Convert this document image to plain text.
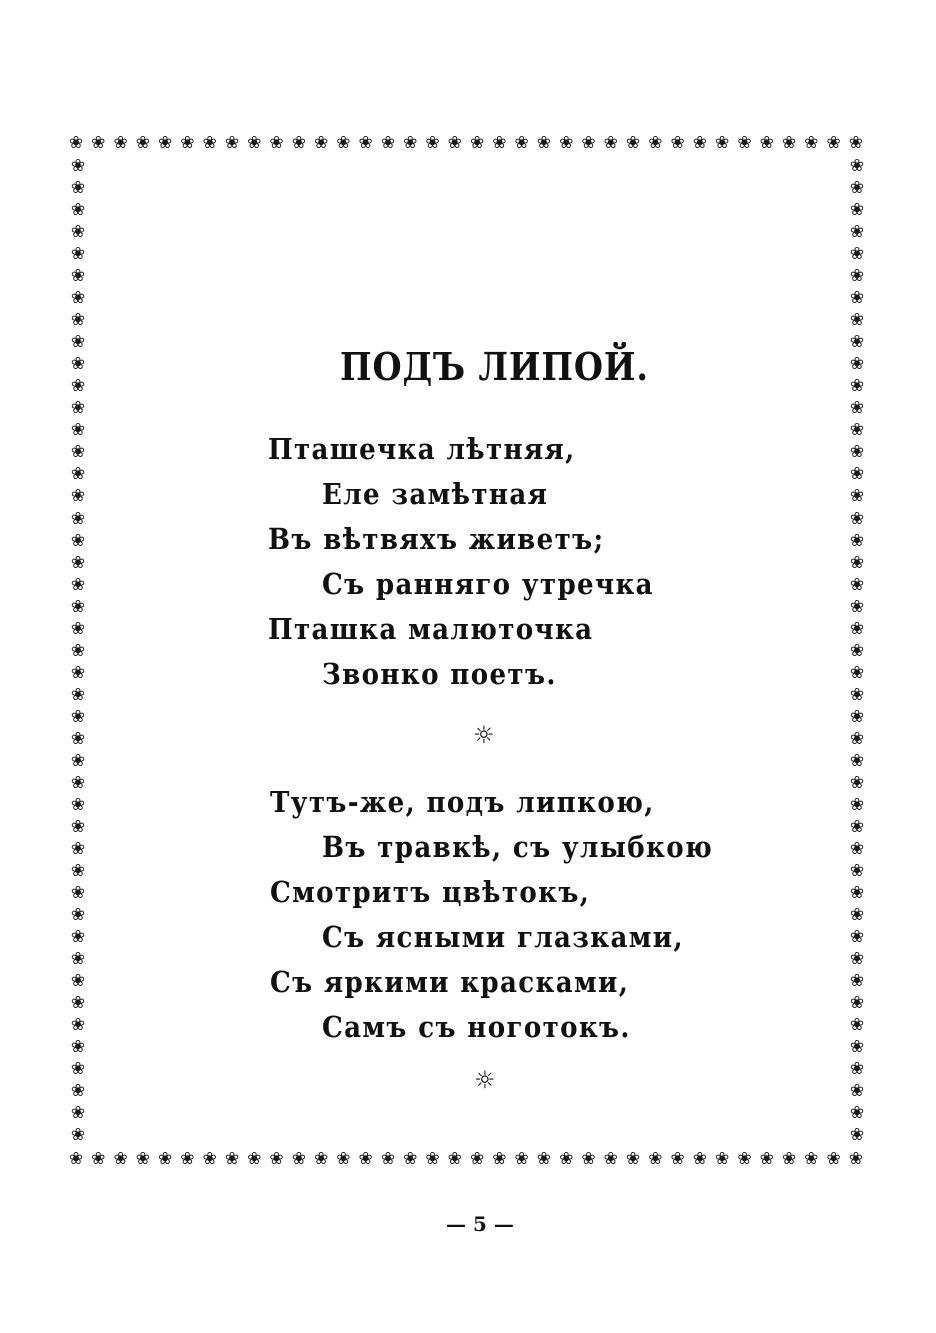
❀ ❀ ❀ ❀ ❀ ❀ ❀ ❀ ❀ ❀ ❀ ❀ ❀ ❀ ❀ ❀ ❀ ❀ ❀ ❀ ❀ ❀ ❀ ❀ ❀ ❀ ❀ ❀ ❀ ❀ ❀ ❀ ❀ ❀ ❀ ❀
❀ ❀ ❀ ❀ ❀ ❀ ❀ ❀ ❀ ❀ ❀ ❀ ❀ ❀ ❀ ❀ ❀ ❀ ❀ ❀ ❀ ❀ ❀ ❀ ❀ ❀ ❀ ❀ ❀ ❀ ❀ ❀ ❀ ❀ ❀ ❀
❀
❀
❀
❀
❀
❀
❀
❀
❀
❀
❀
❀
❀
❀
❀
❀
❀
❀
❀
❀
❀
❀
❀
❀
❀
❀
❀
❀
❀
❀
❀
❀
❀
❀
❀
❀
❀
❀
❀
❀
❀
❀
❀
❀
❀
❀
❀
❀
❀
❀
❀
❀
❀
❀
❀
❀
❀
❀
❀
❀
❀
❀
❀
❀
❀
❀
❀
❀
❀
❀
❀
❀
❀
❀
❀
❀
❀
❀
❀
❀
❀
❀
❀
❀
❀
❀
❀
❀
❀
❀
ПОДЪ ЛИПОЙ.
Пташечка лѣтняя,
Еле замѣтная
Въ вѣтвяхъ живетъ;
Съ ранняго утречка
Пташка малюточка
Звонко поетъ.
☼
Тутъ-же, подъ липкою,
Въ травкѣ, съ улыбкою
Смотритъ цвѣтокъ,
Съ ясными глазками,
Съ яркими красками,
Самъ съ ноготокъ.
☼
— 5 —
